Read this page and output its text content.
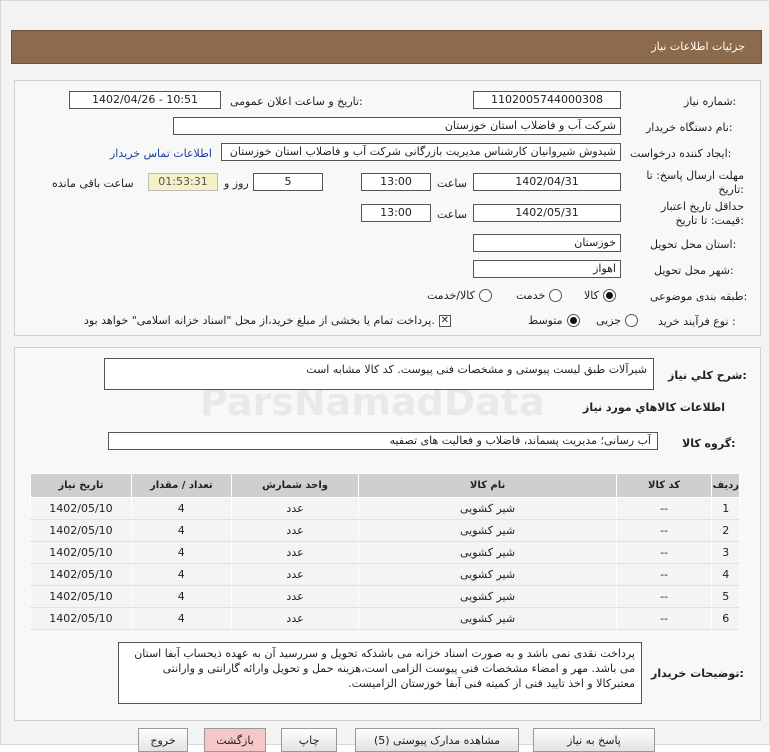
جزئیات اطلاعات نیاز
شماره نیاز:
1102005744000308
تاریخ و ساعت اعلان عمومی:
1402/04/26 - 10:51
نام دستگاه خریدار:
شرکت آب و فاضلاب استان خوزستان
ایجاد کننده درخواست:
شیدوش شیروانیان کارشناس مدیریت بازرگانی شرکت آب و فاضلاب استان خوزستان
اطلاعات تماس خریدار
مهلت ارسال پاسخ: تا تاریخ:
1402/04/31
ساعت
13:00
5
روز و
01:53:31
ساعت باقی مانده
حداقل تاریخ اعتبار قیمت: تا تاریخ:
1402/05/31
ساعت
13:00
استان محل تحویل:
خوزستان
شهر محل تحویل:
اهواز
طبقه بندی موضوعی:
کالا
خدمت
کالا/خدمت
نوع فرآیند خرید :
جزیی
متوسط
پرداخت تمام یا بخشی از مبلغ خرید،از محل "اسناد خزانه اسلامی" خواهد بود. ✕
شرح کلي نياز:
شیرآلات طبق لیست پیوستی و مشخصات فنی پیوست. کد کالا مشابه است
اطلاعات کالاهاي مورد نياز
گروه کالا:
آب رسانی؛ مدیریت پسماند، فاضلاب و فعالیت های تصفیه
ردیف	کد کالا	نام کالا	واحد شمارش	تعداد / مقدار	تاریخ نیاز
1	--	شیر کشویی	عدد	4	1402/05/10
2	--	شیر کشویی	عدد	4	1402/05/10
3	--	شیر کشویی	عدد	4	1402/05/10
4	--	شیر کشویی	عدد	4	1402/05/10
5	--	شیر کشویی	عدد	4	1402/05/10
6	--	شیر کشویی	عدد	4	1402/05/10
توضیحات خریدار:
پرداخت نقدی نمی باشد و به صورت اسناد خزانه می باشدکه تحویل و سررسید آن به عهده ذیحساب آبفا استان می باشد. مهر و امضاء مشخصات فنی پیوست الزامی است،هزینه حمل و تحویل وارائه گارانتی و وارانتی معتبرکالا و اخذ تایید فنی از کمیته فنی آبفا خوزستان الزامیست.
پاسخ به نیاز
مشاهده مدارک پیوستی (5)
چاپ
بازگشت
خروج
